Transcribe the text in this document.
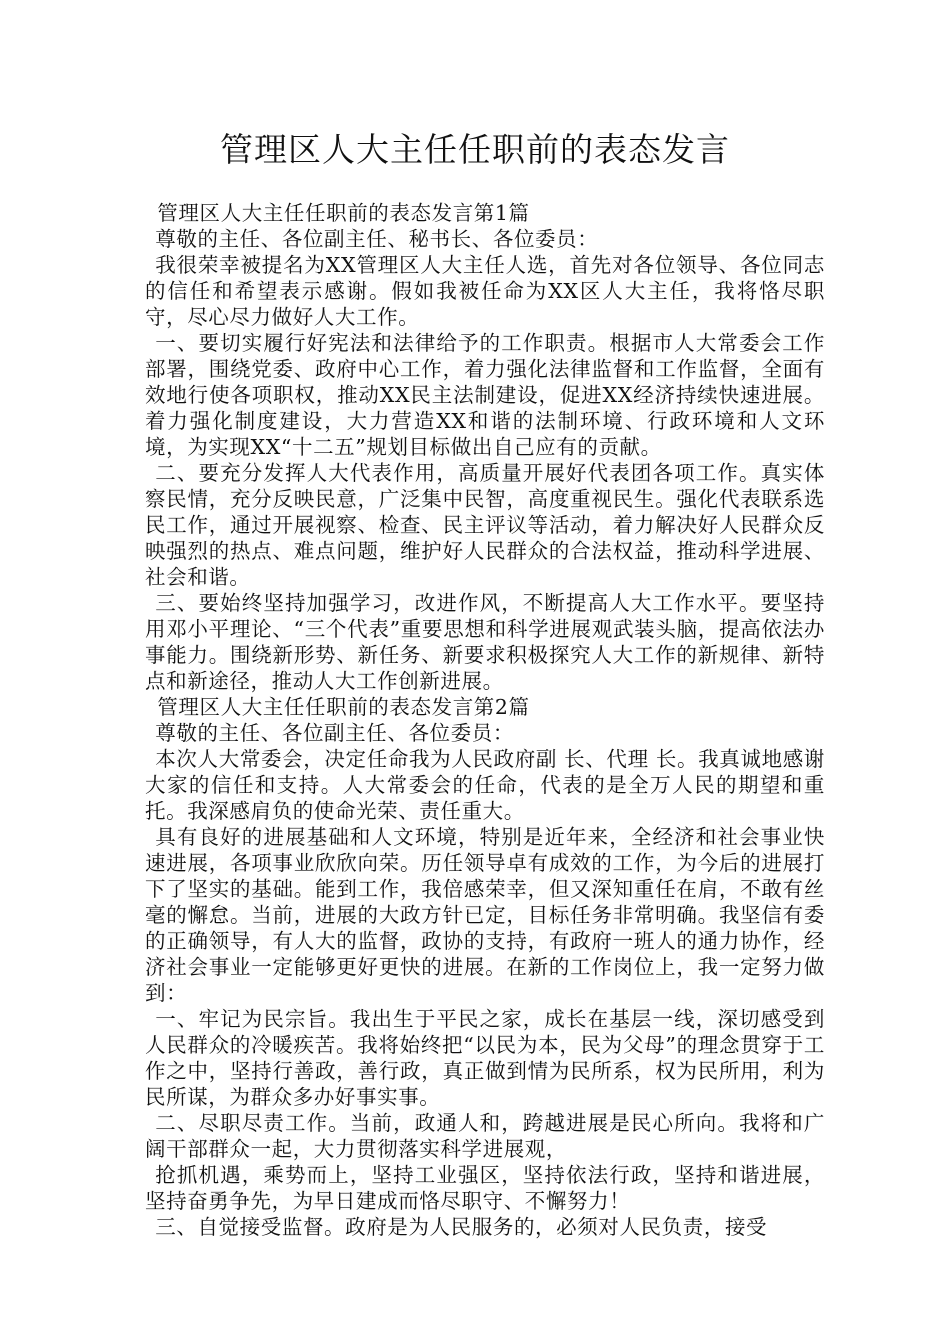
管理区人大主任任职前的表态发言

管理区人大主任任职前的表态发言第1篇

尊敬的主任、各位副主任、秘书长、各位委员：

我很荣幸被提名为XX管理区人大主任人选，首先对各位领导、各位同志的信任和希望表示感谢。假如我被任命为XX区人大主任，我将恪尽职守，尽心尽力做好人大工作。

一、要切实履行好宪法和法律给予的工作职责。根据市人大常委会工作部署，围绕党委、政府中心工作，着力强化法律监督和工作监督，全面有效地行使各项职权，推动XX民主法制建设，促进XX经济持续快速进展。着力强化制度建设，大力营造XX和谐的法制环境、行政环境和人文环境，为实现XX“十二五”规划目标做出自己应有的贡献。

二、要充分发挥人大代表作用，高质量开展好代表团各项工作。真实体察民情，充分反映民意，广泛集中民智，高度重视民生。强化代表联系选民工作，通过开展视察、检查、民主评议等活动，着力解决好人民群众反映强烈的热点、难点问题，维护好人民群众的合法权益，推动科学进展、社会和谐。

三、要始终坚持加强学习，改进作风，不断提高人大工作水平。要坚持用邓小平理论、“三个代表”重要思想和科学进展观武装头脑，提高依法办事能力。围绕新形势、新任务、新要求积极探究人大工作的新规律、新特点和新途径，推动人大工作创新进展。

管理区人大主任任职前的表态发言第2篇

尊敬的主任、各位副主任、各位委员：

本次人大常委会，决定任命我为人民政府副 长、代理 长。我真诚地感谢大家的信任和支持。人大常委会的任命，代表的是全万人民的期望和重托。我深感肩负的使命光荣、责任重大。

具有良好的进展基础和人文环境，特别是近年来，全经济和社会事业快速进展，各项事业欣欣向荣。历任领导卓有成效的工作，为今后的进展打下了坚实的基础。能到工作，我倍感荣幸，但又深知重任在肩，不敢有丝毫的懈怠。当前，进展的大政方针已定，目标任务非常明确。我坚信有委的正确领导，有人大的监督，政协的支持，有政府一班人的通力协作，经济社会事业一定能够更好更快的进展。在新的工作岗位上，我一定努力做到：

一、牢记为民宗旨。我出生于平民之家，成长在基层一线，深切感受到人民群众的冷暖疾苦。我将始终把“以民为本，民为父母”的理念贯穿于工作之中，坚持行善政，善行政，真正做到情为民所系，权为民所用，利为民所谋，为群众多办好事实事。

二、尽职尽责工作。当前，政通人和，跨越进展是民心所向。我将和广阔干部群众一起，大力贯彻落实科学进展观，

抢抓机遇，乘势而上，坚持工业强区，坚持依法行政，坚持和谐进展，坚持奋勇争先，为早日建成而恪尽职守、不懈努力！

三、自觉接受监督。政府是为人民服务的，必须对人民负责，接受
